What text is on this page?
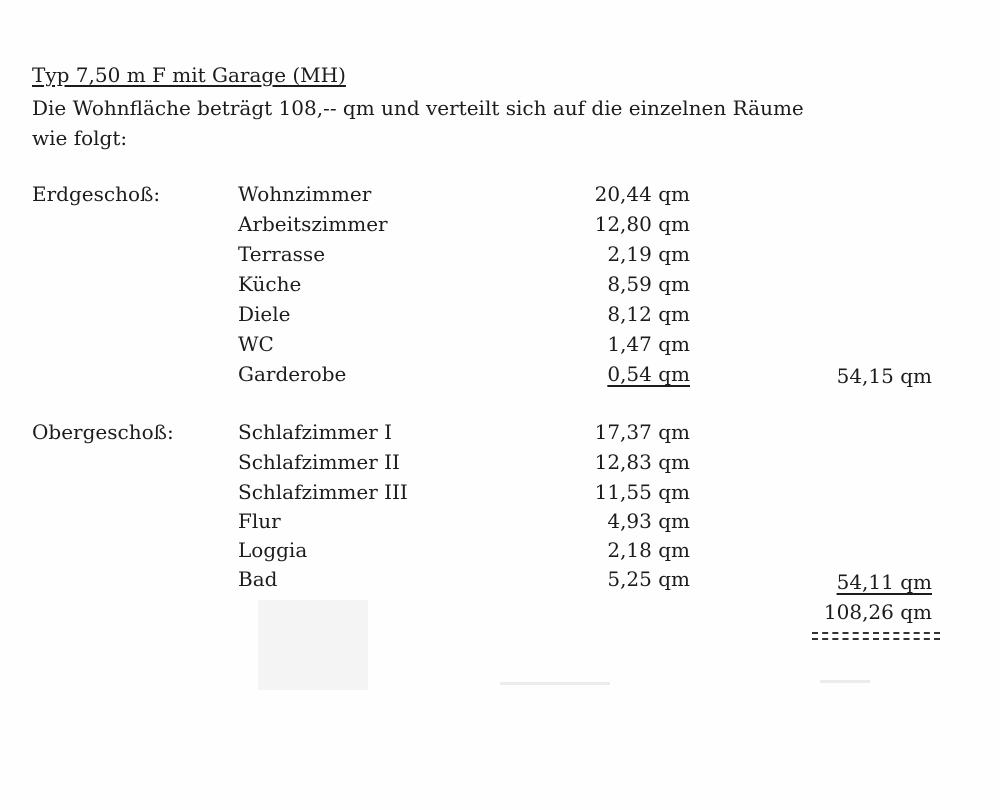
Typ 7,50 m F mit Garage (MH)

Die Wohnfläche beträgt 108,-- qm und verteilt sich auf die einzelnen Räume

wie folgt:

Erdgeschoß:	Wohnzimmer	20,44 qm
Arbeitszimmer	12,80 qm
Terrasse	2,19 qm
Küche	8,59 qm
Diele	8,12 qm
WC	1,47 qm
Garderobe	0,54 qm	54,15 qm
Obergeschoß:	Schlafzimmer I	17,37 qm
Schlafzimmer II	12,83 qm
Schlafzimmer III	11,55 qm
Flur	4,93 qm
Loggia	2,18 qm
Bad	5,25 qm	54,11 qm
108,26 qm
